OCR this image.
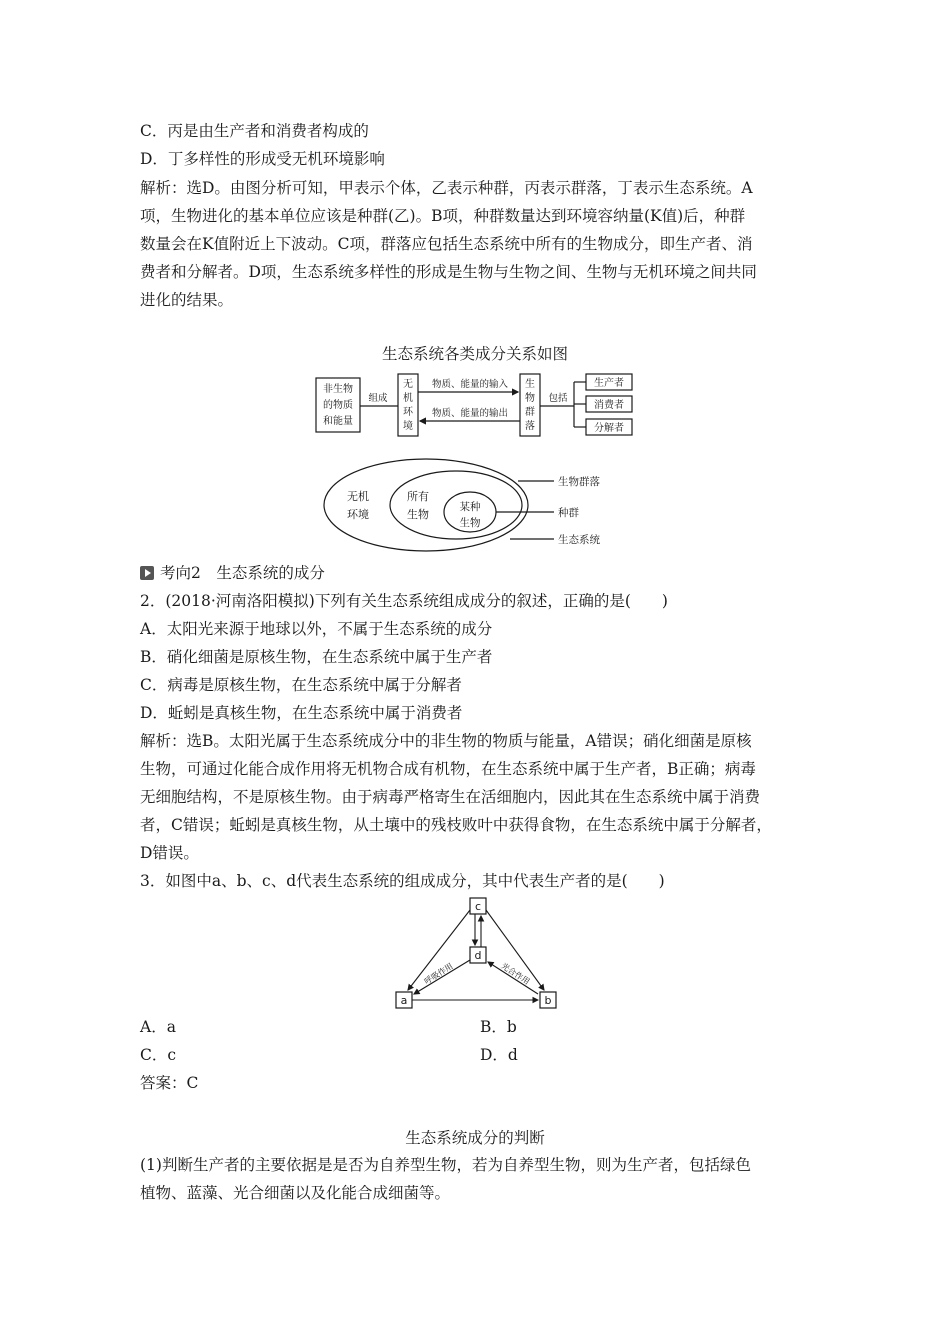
C．丙是由生产者和消费者构成的
D．丁多样性的形成受无机环境影响
解析：选D。由图分析可知，甲表示个体，乙表示种群，丙表示群落，丁表示生态系统。A
项，生物进化的基本单位应该是种群(乙)。B项，种群数量达到环境容纳量(K值)后，种群
数量会在K值附近上下波动。C项，群落应包括生态系统中所有的生物成分，即生产者、消
费者和分解者。D项，生态系统多样性的形成是生物与生物之间、生物与无机环境之间共同
进化的结果。
生态系统各类成分关系如图
非生物
的物质
和能量
组成
无
机
环
境
物质、能量的输入
物质、能量的输出
生
物
群
落
包括
生产者
消费者
分解者
无机
环境
所有
生物
某种
生物
生物群落
种群
生态系统
考向2　生态系统的成分
2．(2018·河南洛阳模拟)下列有关生态系统组成成分的叙述，正确的是(　　)
A．太阳光来源于地球以外，不属于生态系统的成分
B．硝化细菌是原核生物，在生态系统中属于生产者
C．病毒是原核生物，在生态系统中属于分解者
D．蚯蚓是真核生物，在生态系统中属于消费者
解析：选B。太阳光属于生态系统成分中的非生物的物质与能量，A错误；硝化细菌是原核
生物，可通过化能合成作用将无机物合成有机物，在生态系统中属于生产者，B正确；病毒
无细胞结构，不是原核生物。由于病毒严格寄生在活细胞内，因此其在生态系统中属于消费
者，C错误；蚯蚓是真核生物，从土壤中的残枝败叶中获得食物，在生态系统中属于分解者，
D错误。
3．如图中a、b、c、d代表生态系统的组成成分，其中代表生产者的是(　　)
c
d
a	b
呼吸作用	光合作用
A．a	B．b
C．c	D．d
答案：C
生态系统成分的判断
(1)判断生产者的主要依据是是否为自养型生物，若为自养型生物，则为生产者，包括绿色
植物、蓝藻、光合细菌以及化能合成细菌等。
